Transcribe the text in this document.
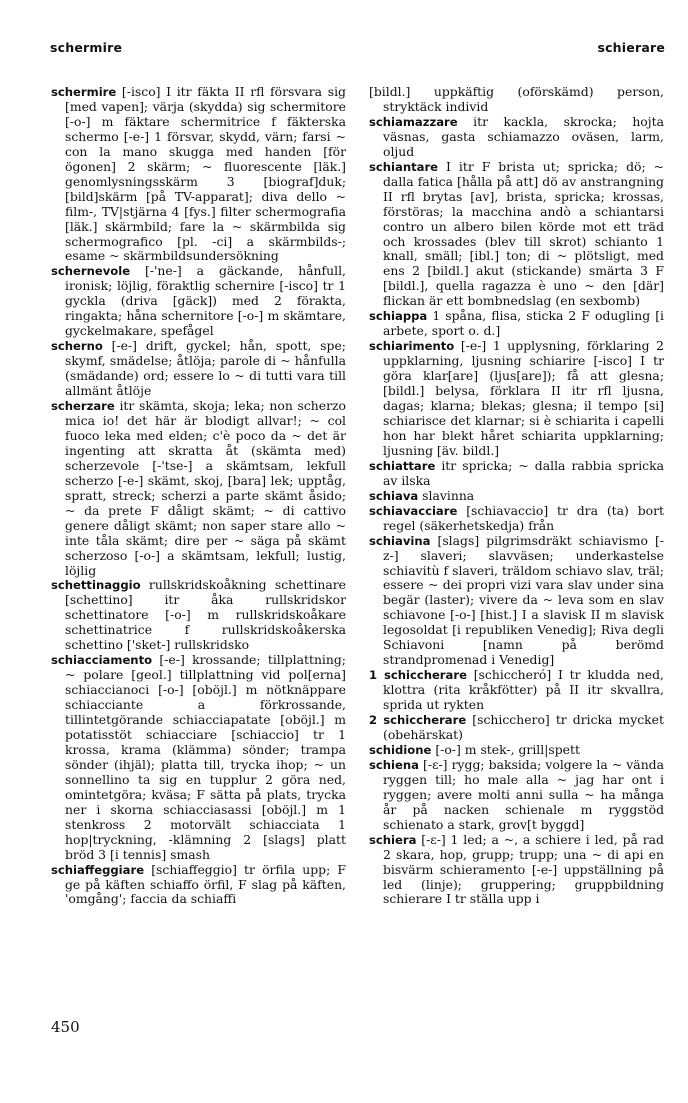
schermire	schierare

schermire [-isco] I itr fäkta II rfl försvara sig [med vapen]; värja (skydda) sig schermitore [-o-] m fäktare schermitrice f fäkterska schermo [-e-] 1 försvar, skydd, värn; farsi ~ con la mano skugga med handen [för ögonen] 2 skärm; ~ fluorescente [läk.] genomlysningsskärm 3 [biograf]duk; [bild]skärm [på TV-apparat]; diva dello ~ film-, TV|stjärna 4 [fys.] filter schermografia [läk.] skärmbild; fare la ~ skärmbilda sig schermografico [pl. -ci] a skärmbilds-; esame ~ skärmbildsundersökning

schernevole [-'ne-] a gäckande, hånfull, ironisk; löjlig, föraktlig schernire [-isco] tr 1 gyckla (driva [gäck]) med 2 förakta, ringakta; håna schernitore [-o-] m skämtare, gyckelmakare, spefågel

scherno [-e-] drift, gyckel; hån, spott, spe; skymf, smädelse; åtlöja; parole di ~ hånfulla (smädande) ord; essere lo ~ di tutti vara till allmänt åtlöje

scherzare itr skämta, skoja; leka; non scherzo mica io! det här är blodigt allvar!; ~ col fuoco leka med elden; c'è poco da ~ det är ingenting att skratta åt (skämta med) scherzevole [-'tse-] a skämtsam, lekfull scherzo [-e-] skämt, skoj, [bara] lek; upptåg, spratt, streck; scherzi a parte skämt åsido; ~ da prete F dåligt skämt; ~ di cattivo genere dåligt skämt; non saper stare allo ~ inte tåla skämt; dire per ~ säga på skämt scherzoso [-o-] a skämtsam, lekfull; lustig, löjlig

schettinaggio rullskridskoåkning schettinare [schettino] itr åka rullskridskor schettinatore [-o-] m rullskridskoåkare schettinatrice f rullskridskoåkerska schettino ['sket-] rullskridsko

schiacciamento [-e-] krossande; tillplattning; ~ polare [geol.] tillplattning vid pol[erna] schiaccianoci [-o-] [oböjl.] m nötknäppare schiacciante a förkrossande, tillintetgörande schiacciapatate [oböjl.] m potatisstöt schiacciare [schiaccio] tr 1 krossa, krama (klämma) sönder; trampa sönder (ihjäl); platta till, trycka ihop; ~ un sonnellino ta sig en tupplur 2 göra ned, omintetgöra; kväsa; F sätta på plats, trycka ner i skorna schiacciasassi [oböjl.] m 1 stenkross 2 motorvält schiacciata 1 hop|tryckning, -klämning 2 [slags] platt bröd 3 [i tennis] smash

schiaffeggiare [schiaffeggio] tr örfila upp; F ge på käften schiaffo örfil, F slag på käften, 'omgång'; faccia da schiaffi

[bildl.] uppkäftig (oförskämd) person, stryktäck individ

schiamazzare itr kackla, skrocka; hojta väsnas, gasta schiamazzo oväsen, larm, oljud

schiantare I itr F brista ut; spricka; dö; ~ dalla fatica [hålla på att] dö av anstrangning II rfl brytas [av], brista, spricka; krossas, förstöras; la macchina andò a schiantarsi contro un albero bilen körde mot ett träd och krossades (blev till skrot) schianto 1 knall, smäll; [ibl.] ton; di ~ plötsligt, med ens 2 [bildl.] akut (stickande) smärta 3 F [bildl.], quella ragazza è uno ~ den [där] flickan är ett bombnedslag (en sexbomb)

schiappa 1 spåna, flisa, sticka 2 F odugling [i arbete, sport o. d.]

schiarimento [-e-] 1 upplysning, förklaring 2 uppklarning, ljusning schiarire [-isco] I tr göra klar[are] (ljus[are]); få att glesna; [bildl.] belysa, förklara II itr rfl ljusna, dagas; klarna; blekas; glesna; il tempo [si] schiarisce det klarnar; si è schiarita i capelli hon har blekt håret schiarita uppklarning; ljusning [äv. bildl.]

schiattare itr spricka; ~ dalla rabbia spricka av ilska

schiava slavinna

schiavacciare [schiavaccio] tr dra (ta) bort regel (säkerhetskedja) från

schiavina [slags] pilgrimsdräkt schiavismo [-z-] slaveri; slavväsen; underkastelse schiavitù f slaveri, träldom schiavo slav, träl; essere ~ dei propri vizi vara slav under sina begär (laster); vivere da ~ leva som en slav schiavone [-o-] [hist.] I a slavisk II m slavisk legosoldat [i republiken Venedig]; Riva degli Schiavoni [namn på berömd strandpromenad i Venedig]

1 schiccherare [schiccheró] I tr kludda ned, klottra (rita kråkfötter) på II itr skvallra, sprida ut rykten

2 schiccherare [schicchero] tr dricka mycket (obehärskat)

schidione [-o-] m stek-, grill|spett

schiena [-ε-] rygg; baksida; volgere la ~ vända ryggen till; ho male alla ~ jag har ont i ryggen; avere molti anni sulla ~ ha många år på nacken schienale m ryggstöd schienato a stark, grov[t byggd]

schiera [-ε-] 1 led; a ~, a schiere i led, på rad 2 skara, hop, grupp; trupp; una ~ di api en bisvärm schieramento [-e-] uppställning på led (linje); gruppering; gruppbildning schierare I tr ställa upp i

450
